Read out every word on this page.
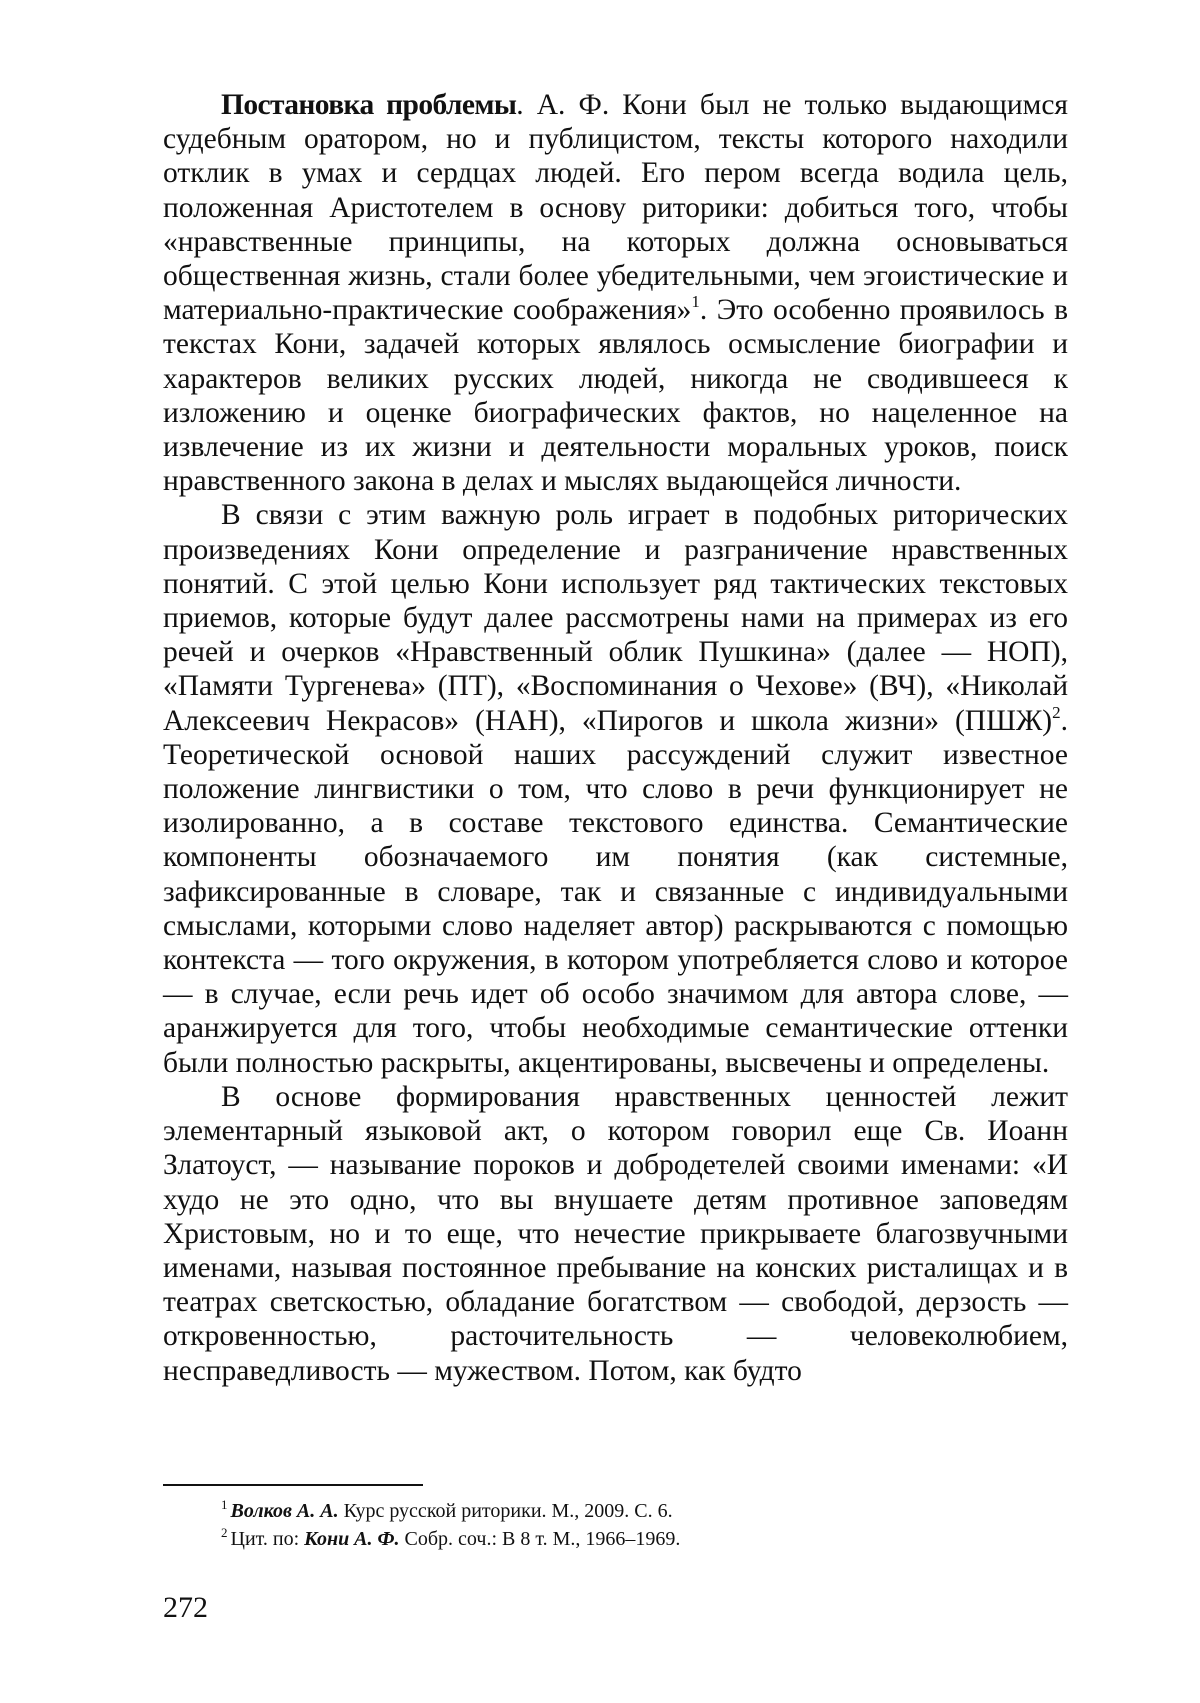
Постановка проблемы. А. Ф. Кони был не только выдающимся судебным оратором, но и публицистом, тексты которого нахо­дили отклик в умах и сердцах людей. Его пером всегда водила цель, положенная Аристотелем в основу риторики: добиться того, чтобы «нравственные принципы, на которых должна основы­ваться общественная жизнь, стали более убедительными, чем эгоистические и материально-практические соображения»1. Это особенно проявилось в текстах Кони, задачей которых являлось осмысление биографии и характеров великих русских людей, никогда не сводившееся к изложению и оценке биографических фактов, но нацеленное на извлечение из их жизни и деятельности моральных уроков, поиск нравственного закона в делах и мыслях выдающейся личности.

В связи с этим важную роль играет в подобных риторических произведениях Кони определение и разграничение нравствен­ных понятий. С этой целью Кони использует ряд тактических текстовых приемов, которые будут далее рассмотрены нами на примерах из его речей и очерков «Нравственный облик Пушки­на» (далее — НОП), «Памяти Тургенева» (ПТ), «Воспоминания о Чехове» (ВЧ), «Николай Алексеевич Некрасов» (НАН), «Пирогов и школа жизни» (ПШЖ)2. Теоретической основой наших рассуж­дений служит известное положение лингвистики о том, что слово в речи функционирует не изолированно, а в составе текстового единства. Семантические компоненты обозначаемого им понятия (как системные, зафиксированные в словаре, так и связанные с индивидуальными смыслами, которыми слово наделяет автор) раскрываются с помощью контекста — того окружения, в котором употребляется слово и которое — в случае, если речь идет об особо значимом для автора слове, — аранжируется для того, чтобы не­обходимые семантические оттенки были полностью раскрыты, акцентированы, высвечены и определены.

В основе формирования нравственных ценностей лежит элементарный языковой акт, о котором говорил еще Св. Иоанн Златоуст, — называние пороков и добродетелей своими именами: «И худо не это одно, что вы внушаете детям противное заповедям Христовым, но и то еще, что нечестие прикрываете благозвуч­ными именами, называя постоянное пребывание на конских ристалищах и в театрах светскостью, обладание богатством — сво­бодой, дерзость — откровенностью, расточительность — чело­веколюбием, несправедливость — мужеством. Потом, как будто

1 Волков А. А. Курс русской риторики. М., 2009. С. 6.

2 Цит. по: Кони А. Ф. Собр. соч.: В 8 т. М., 1966–1969.

272
